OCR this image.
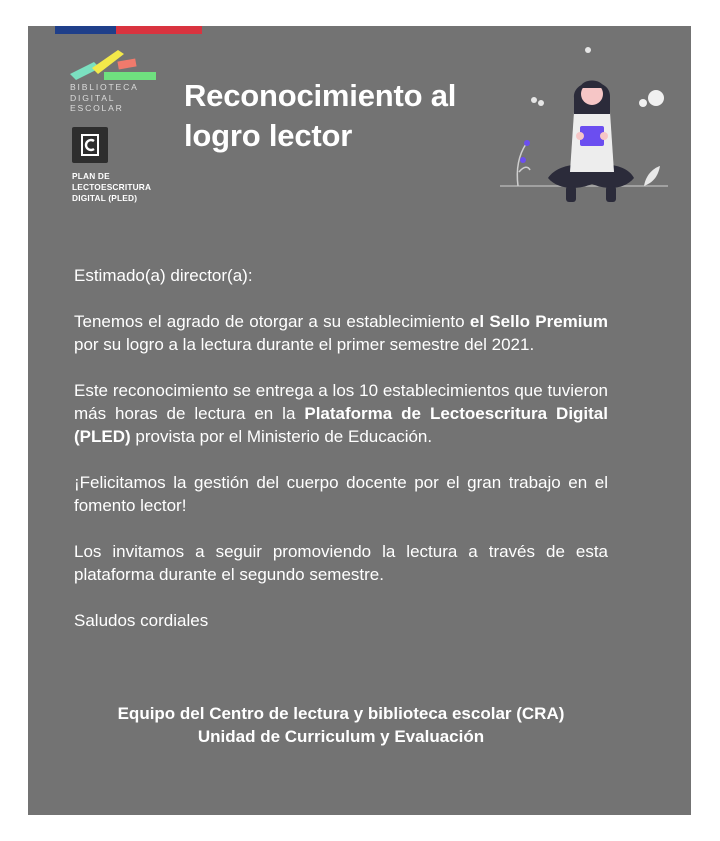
BIBLIOTECA
DIGITAL
ESCOLAR
PLAN DE
LECTOESCRITURA
DIGITAL (PLED)
Reconocimiento al
logro lector

Estimado(a) director(a):

Tenemos el agrado de otorgar a su establecimiento el Sello Premium por su logro a la lectura durante el primer semestre del 2021.

Este reconocimiento se entrega a los 10 establecimientos que tuvieron más horas de lectura en la Plataforma de Lectoescritura Digital (PLED) provista por el Ministerio de Educación.

¡Felicitamos la gestión del cuerpo docente por el gran trabajo en el fomento lector!

Los invitamos a seguir promoviendo la lectura a través de esta plataforma durante el segundo semestre.

Saludos cordiales

Equipo del Centro de lectura y biblioteca escolar (CRA)
Unidad de Curriculum y Evaluación
